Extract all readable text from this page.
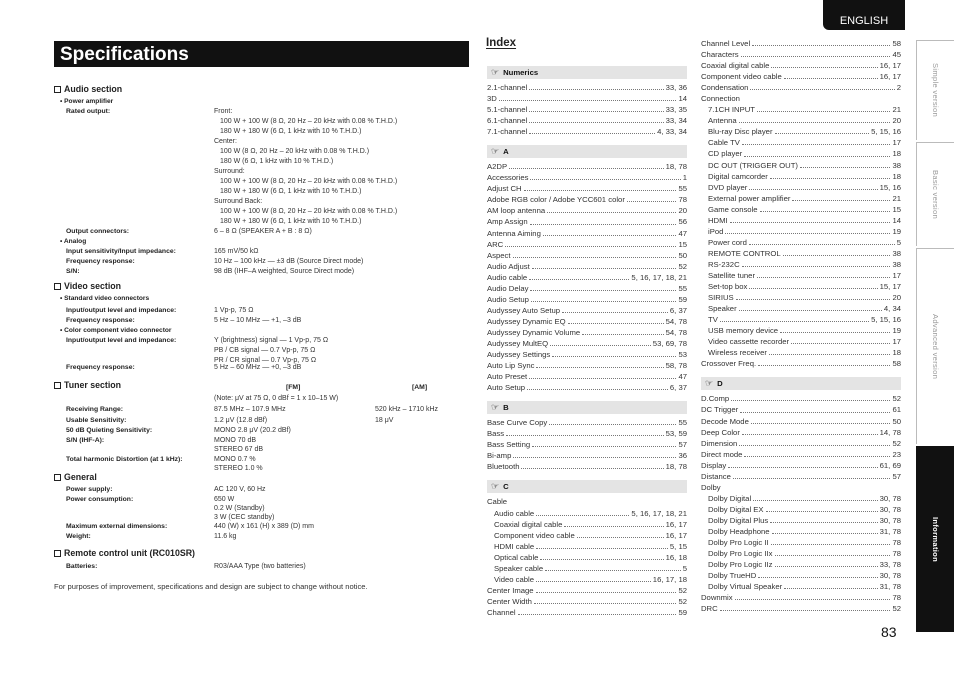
ENGLISH
Specifications
Audio section
• Power amplifier
Rated output:	Front:
100 W + 100 W (8 Ω, 20 Hz – 20 kHz with 0.08 % T.H.D.)
180 W + 180 W (6 Ω, 1 kHz with 10 % T.H.D.)
Center:
100 W (8 Ω, 20 Hz – 20 kHz with 0.08 % T.H.D.)
180 W (6 Ω, 1 kHz with 10 % T.H.D.)
Surround:
100 W + 100 W (8 Ω, 20 Hz – 20 kHz with 0.08 % T.H.D.)
180 W + 180 W (6 Ω, 1 kHz with 10 % T.H.D.)
Surround Back:
100 W + 100 W (8 Ω, 20 Hz – 20 kHz with 0.08 % T.H.D.)
180 W + 180 W (6 Ω, 1 kHz with 10 % T.H.D.)
Output connectors:	6 – 8 Ω (SPEAKER A + B : 8 Ω)
• Analog
Input sensitivity/Input impedance:	165 mV/50 kΩ
Frequency response:	10 Hz – 100 kHz — ±3 dB (Source Direct mode)
S/N:	98 dB (IHF–A weighted, Source Direct mode)
Video section
• Standard video connectors
Input/output level and impedance:	1 Vp-p, 75 Ω
Frequency response:	5 Hz – 10 MHz — +1, –3 dB
• Color component video connector
Input/output level and impedance:	Y (brightness) signal — 1 Vp-p, 75 Ω
PB / CB signal — 0.7 Vp-p, 75 Ω
PR / CR signal — 0.7 Vp-p, 75 Ω
Frequency response:	5 Hz – 60 MHz — +0, –3 dB
Tuner section	[FM]	[AM]
(Note: μV at 75 Ω, 0 dBf = 1 x 10–15 W)
Receiving Range:	87.5 MHz – 107.9 MHz	520 kHz – 1710 kHz
Usable Sensitivity:	1.2 μV (12.8 dBf)	18 μV
50 dB Quieting Sensitivity:	MONO 2.8 μV (20.2 dBf)
S/N (IHF-A):	MONO 70 dB
STEREO 67 dB
Total harmonic Distortion (at 1 kHz):	MONO 0.7 %
STEREO 1.0 %
General
Power supply:	AC 120 V, 60 Hz
Power consumption:	650 W
0.2 W (Standby)
3 W (CEC standby)
Maximum external dimensions:	440 (W) x 161 (H) x 389 (D) mm
Weight:	11.6 kg
Remote control unit (RC010SR)
Batteries:	R03/AAA Type (two batteries)
For purposes of improvement, specifications and design are subject to change without notice.
Index
☞ Numerics
2.1-channel	33, 36
3D	14
5.1-channel	33, 35
6.1-channel	33, 34
7.1-channel	4, 33, 34
☞ A
A2DP	18, 78
Accessories	1
Adjust CH	55
Adobe RGB color / Adobe YCC601 color	78
AM loop antenna	20
Amp Assign	56
Antenna Aiming	47
ARC	15
Aspect	50
Audio Adjust	52
Audio cable	5, 16, 17, 18, 21
Audio Delay	55
Audio Setup	59
Audyssey Auto Setup	6, 37
Audyssey Dynamic EQ	54, 78
Audyssey Dynamic Volume	54, 78
Audyssey MultEQ	53, 69, 78
Audyssey Settings	53
Auto Lip Sync	58, 78
Auto Preset	47
Auto Setup	6, 37
☞ B
Base Curve Copy	55
Bass	53, 59
Bass Setting	57
Bi-amp	36
Bluetooth	18, 78
☞ C
Cable
Audio cable	5, 16, 17, 18, 21
Coaxial digital cable	16, 17
Component video cable	16, 17
HDMI cable	5, 15
Optical cable	16, 18
Speaker cable	5
Video cable	16, 17, 18
Center Image	52
Center Width	52
Channel	59
Channel Level	58
Characters	45
Coaxial digital cable	16, 17
Component video cable	16, 17
Condensation	2
Connection
7.1CH INPUT	21
Antenna	20
Blu-ray Disc player	5, 15, 16
Cable TV	17
CD player	18
DC OUT (TRIGGER OUT)	38
Digital camcorder	18
DVD player	15, 16
External power amplifier	21
Game console	15
HDMI	14
iPod	19
Power cord	5
REMOTE CONTROL	38
RS-232C	38
Satellite tuner	17
Set-top box	15, 17
SIRIUS	20
Speaker	4, 34
TV	5, 15, 16
USB memory device	19
Video cassette recorder	17
Wireless receiver	18
Crossover Freq.	58
☞ D
D.Comp	52
DC Trigger	61
Decode Mode	50
Deep Color	14, 78
Dimension	52
Direct mode	23
Display	61, 69
Distance	57
Dolby
Dolby Digital	30, 78
Dolby Digital EX	30, 78
Dolby Digital Plus	30, 78
Dolby Headphone	31, 78
Dolby Pro Logic II	78
Dolby Pro Logic IIx	78
Dolby Pro Logic IIz	33, 78
Dolby TrueHD	30, 78
Dolby Virtual Speaker	31, 78
Downmix	78
DRC	52
83
Simple version
Basic version
Advanced version
Information
